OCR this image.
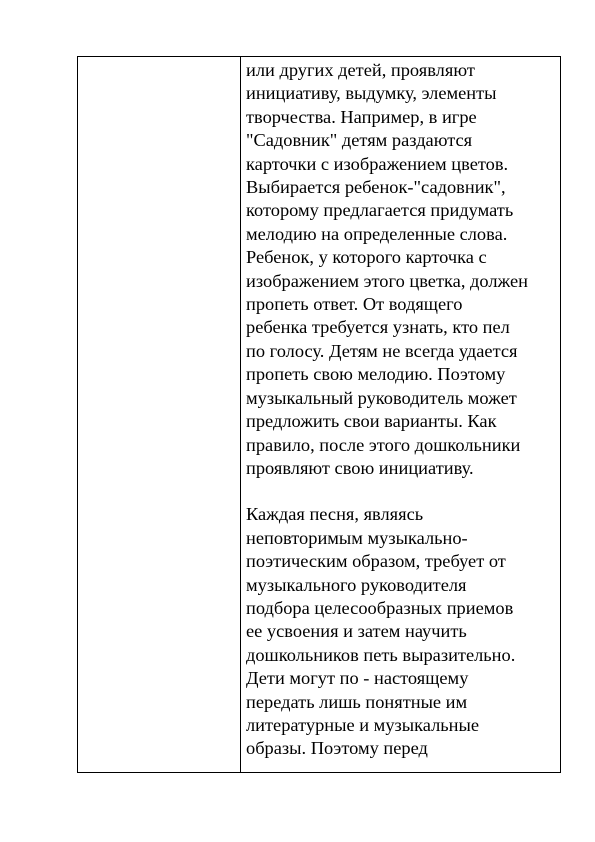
или других детей, проявляют
инициативу, выдумку, элементы
творчества. Например, в игре
"Садовник" детям раздаются
карточки с изображением цветов.
Выбирается ребенок-"садовник",
которому предлагается придумать
мелодию на определенные слова.
Ребенок, у которого карточка с
изображением этого цветка, должен
пропеть ответ. От водящего
ребенка требуется узнать, кто пел
по голосу. Детям не всегда удается
пропеть свою мелодию. Поэтому
музыкальный руководитель может
предложить свои варианты. Как
правило, после этого дошкольники
проявляют свою инициативу.

Каждая песня, являясь
неповторимым музыкально-
поэтическим образом, требует от
музыкального руководителя
подбора целесообразных приемов
ее усвоения и затем научить
дошкольников петь выразительно.
Дети могут по - настоящему
передать лишь понятные им
литературные и музыкальные
образы. Поэтому перед
